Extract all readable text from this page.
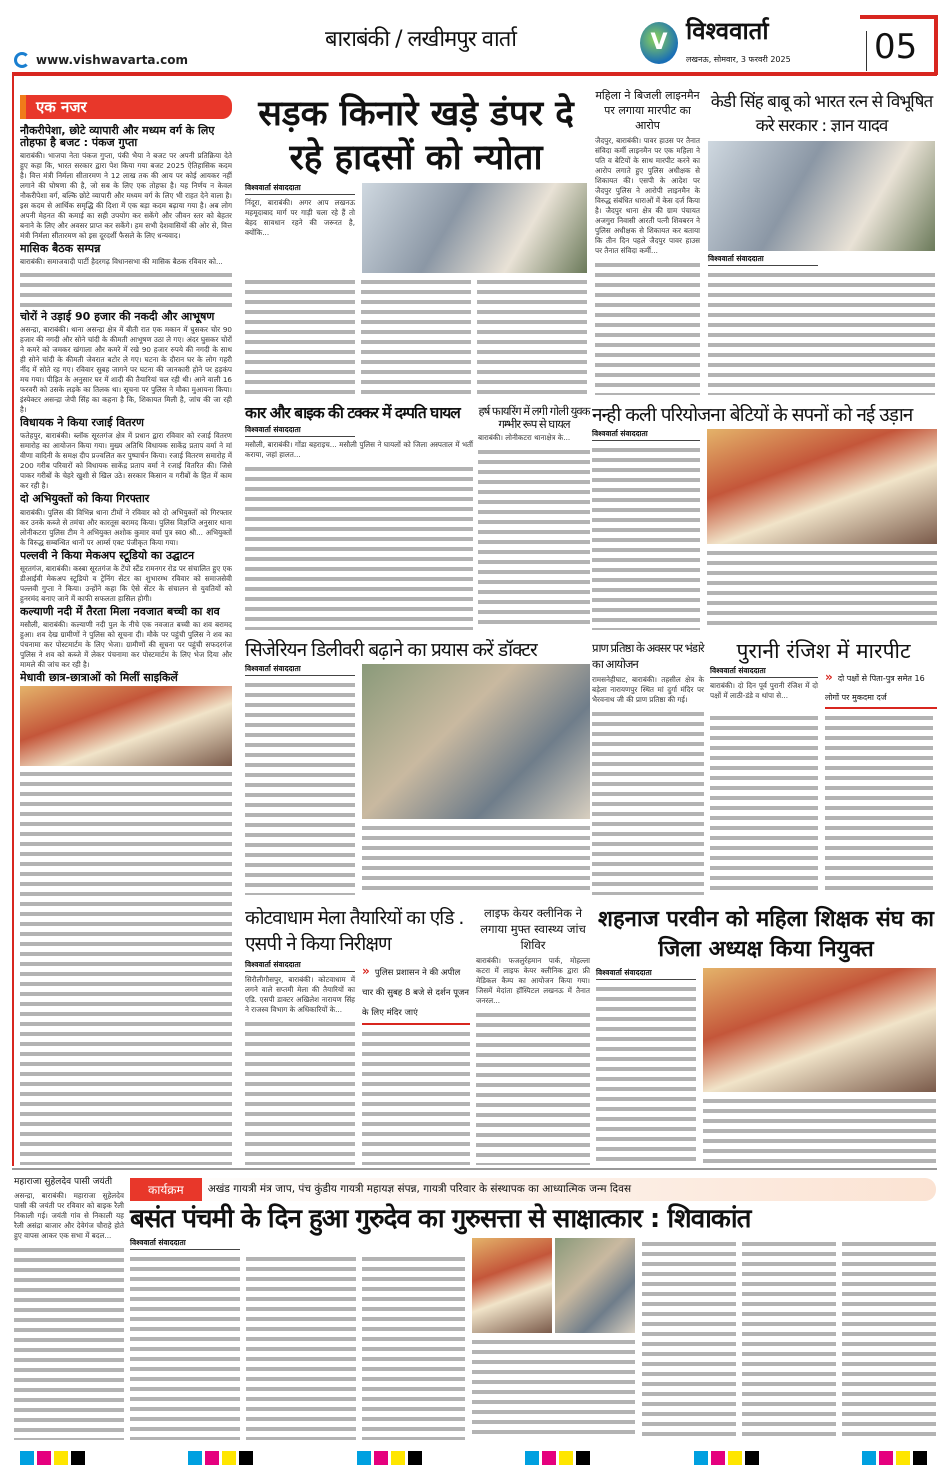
www.vishwavarta.com
बाराबंकी / लखीमपुर वार्ता	V विश्ववार्ता
लखनऊ, सोमवार, 3 फरवरी 2025 05
एक नजर
नौकरीपेशा, छोटे व्यापारी और मध्यम वर्ग के लिए तोहफा है बजट : पंकज गुप्ता
बाराबंकी। भाजपा नेता पंकज गुप्ता, पंकी भैया ने बजट पर अपनी प्रतिक्रिया देते हुए कहा कि, भारत सरकार द्वारा पेश किया गया बजट 2025 ऐतिहासिक कदम है। वित्त मंत्री निर्मला सीतारमण ने 12 लाख तक की आय पर कोई आयकर नहीं लगाने की घोषणा की है, जो सब के लिए एक तोहफा है। यह निर्णय न केवल नौकरीपेशा वर्ग, बल्कि छोटे व्यापारी और मध्यम वर्ग के लिए भी राहत देने वाला है। इस कदम से आर्थिक समृद्धि की दिशा में एक बड़ा कदम बढ़ाया गया है। अब लोग अपनी मेहनत की कमाई का सही उपयोग कर सकेंगे और जीवन स्तर को बेहतर बनाने के लिए और अवसर प्राप्त कर सकेंगे। हम सभी देशवासियों की ओर से, वित्त मंत्री निर्मला सीतारमण को इस दूरदर्शी फैसले के लिए धन्यवाद।
मासिक बैठक सम्पन्न
बाराबंकी। समाजवादी पार्टी हैदरगढ़ विधानसभा की मासिक बैठक रविवार को...
चोरों ने उड़ाई 90 हजार की नकदी और आभूषण
असन्द्रा, बाराबंकी। थाना असन्द्रा क्षेत्र में बीती रात एक मकान में घुसकर चोर 90 हजार की नगदी और सोने चांदी के कीमती आभूषण उठा ले गए। अंदर घुसकर चोरों ने कमरे को जमकर खंगाला और कमरे में रखे 90 हजार रुपये की नगदी के साथ ही सोने चांदी के कीमती जेवरात बटोर ले गए। घटना के दौरान घर के लोग गहरी नींद में सोते रह गए। रविवार सुबह जागने पर घटना की जानकारी होने पर हड़कंप मच गया। पीड़ित के अनुसार घर में शादी की तैयारियां चल रही थी। आने वाली 16 फरवरी को उसके लड़के का तिलक था। सूचना पर पुलिस ने मौका मुआयना किया। इंस्पेक्टर असन्द्रा जेपी सिंह का कहना है कि, शिकायत मिली है, जांच की जा रही है।
विधायक ने किया रजाई वितरण
फतेहपुर, बाराबंकी। ब्लॉक सूरतगंज क्षेत्र में प्रधान द्वारा रविवार को रजाई वितरण समारोह का आयोजन किया गया। मुख्य अतिथि विधायक साकेंद्र प्रताप वर्मा ने मां वीणा वादिनी के समक्ष दीप प्रज्वलित कर पुष्पार्चन किया। रजाई वितरण समारोह में 200 गरीब परिवारों को विधायक साकेंद्र प्रताप वर्मा ने रजाई वितरित की। जिसे पाकर गरीबों के चेहरे खुशी से खिल उठे। सरकार किसान व गरीबों के हित में काम कर रही है।
दो अभियुक्तों को किया गिरफ्तार
बाराबंकी। पुलिस की विभिन्न थाना टीमों ने रविवार को दो अभियुक्तों को गिरफ्तार कर उनके कब्जे से तमंचा और कारतूस बरामद किया। पुलिस विज्ञप्ति अनुसार थाना लोनीकटरा पुलिस टीम ने अभियुक्त अशोक कुमार वर्मा पुत्र स्व0 श्री... अभियुक्तों के विरुद्ध सम्बन्धित थानों पर आर्म्स एक्ट पंजीकृत किया गया।
पल्लवी ने किया मेकअप स्टूडियो का उद्घाटन
सूरतगंज, बाराबंकी। कस्बा सूरतगंज के टेंपो स्टैंड रामनगर रोड पर संचालित हुए एक डीआईवी मेकअप स्टूडियो व ट्रेनिंग सेंटर का शुभारम्भ रविवार को समाजसेवी पल्लवी गुप्ता ने किया। उन्होंने कहा कि ऐसे सेंटर के संचालन से युवतियों को हुनरमंद बनाए जाने में काफी सफलता हासिल होगी।
कल्याणी नदी में तैरता मिला नवजात बच्ची का शव
मसौली, बाराबंकी। कल्याणी नदी पुल के नीचे एक नवजात बच्ची का शव बरामद हुआ। शव देख ग्रामीणों ने पुलिस को सूचना दी। मौके पर पहुंची पुलिस ने शव का पंचनामा कर पोस्टमार्टम के लिए भेजा। ग्रामीणों की सूचना पर पहुंची सफदरगंज पुलिस ने शव को कब्जे में लेकर पंचनामा कर पोस्टमार्टम के लिए भेज दिया और मामले की जांच कर रही है।
मेधावी छात्र-छात्राओं को मिलीं साइकिलें
सड़क किनारे खड़े डंपर दे रहे हादसों को न्योता
विश्ववार्ता संवाददाता
निंदूरा, बाराबंकी। अगर आप लखनऊ महमूदाबाद मार्ग पर गाड़ी चला रहे हैं तो बेहद सावधान रहने की जरूरत है, क्योंकि...
कार और बाइक की टक्कर में दम्पति घायल
विश्ववार्ता संवाददाता
मसौली, बाराबंकी। गोंडा बहराइच... मसौली पुलिस ने घायलों को जिला अस्पताल में भर्ती कराया, जहां हालत...
हर्ष फायरिंग में लगी गोली युवक गम्भीर रूप से घायल
बाराबंकी। लोनीकटरा थानाक्षेत्र के...
सिजेरियन डिलीवरी बढ़ाने का प्रयास करें डॉक्टर
विश्ववार्ता संवाददाता
कोटवाधाम मेला तैयारियों का एडि . एसपी ने किया निरीक्षण
विश्ववार्ता संवाददाता
सिरौलीगौसपुर, बाराबंकी। कोटवाधाम में लगने वाले सप्तमी मेला की तैयारियों का एडि. एसपी डाक्टर अखिलेश नारायण सिंह ने राजस्व विभाग के अधिकारियों के...
» पुलिस प्रशासन ने की अपील चार की सुबह 8 बजे से दर्शन पूजन के लिए मंदिर जाएं
लाइफ केयर क्लीनिक ने लगाया मुफ्त स्वास्थ्य जांच शिविर
बाराबंकी। फजलुर्रहमान पार्क, मोहल्ला कटरा में लाइफ केयर क्लीनिक द्वारा फ्री मेडिकल कैम्प का आयोजन किया गया। जिसमें मेदांता हॉस्पिटल लखनऊ में तैनात जनरल...
महिला ने बिजली लाइनमैन पर लगाया मारपीट का आरोप
जैदपुर, बाराबंकी। पावर हाउस पर तैनात संविदा कर्मी लाइनमैन पर एक महिला ने पति व बेटियों के साथ मारपीट करने का आरोप लगाते हुए पुलिस अधीक्षक से शिकायत की। एसपी के आदेश पर जैदपुर पुलिस ने आरोपी लाइनमैन के विरुद्ध संबंधित धाराओं में केस दर्ज किया है। जैदपुर थाना क्षेत्र की ग्राम पंचायत अजगुरा निवासी आरती पत्नी शिवबरन ने पुलिस अधीक्षक से शिकायत कर बताया कि तीन दिन पहले जैदपुर पावर हाउस पर तैनात संविदा कर्मी...
केडी सिंह बाबू को भारत रत्न से विभूषित करे सरकार : ज्ञान यादव
विश्ववार्ता संवाददाता
नन्ही कली परियोजना बेटियों के सपनों को नई उड़ान
विश्ववार्ता संवाददाता
प्राण प्रतिष्ठा के अवसर पर भंडारे का आयोजन
रामसनेहीघाट, बाराबंकी। तहसील क्षेत्र के बड़ेला नारायणपुर स्थित मां दुर्गा मंदिर पर भैरवनाथ जी की प्राण प्रतिष्ठा की गई।
पुरानी रंजिश में मारपीट
विश्ववार्ता संवाददाता
बाराबंकी। दो दिन पूर्व पुरानी रंजिश में दो पक्षों में लाठी-डंडे व थांपा से...
» दो पक्षों से पिता-पुत्र समेत 16 लोगों पर मुकदमा दर्ज
शहनाज परवीन को महिला शिक्षक संघ का जिला अध्यक्ष किया नियुक्त
विश्ववार्ता संवाददाता
महाराजा सुहेलदेव पासी जयंती
असन्द्रा, बाराबंकी। महाराजा सुहेलदेव पासी की जयंती पर रविवार को बाइक रैली निकाली गई। जयंती गांव से निकाली यह रैली असंद्रा बाजार और देवेगंज चौराहे होते हुए वापस आकर एक सभा में बदल...
कार्यक्रम	अखंड गायत्री मंत्र जाप, पंच कुंडीय गायत्री महायज्ञ संपन्न, गायत्री परिवार के संस्थापक का आध्यात्मिक जन्म दिवस
बसंत पंचमी के दिन हुआ गुरुदेव का गुरुसत्ता से साक्षात्कार : शिवाकांत
विश्ववार्ता संवाददाता
